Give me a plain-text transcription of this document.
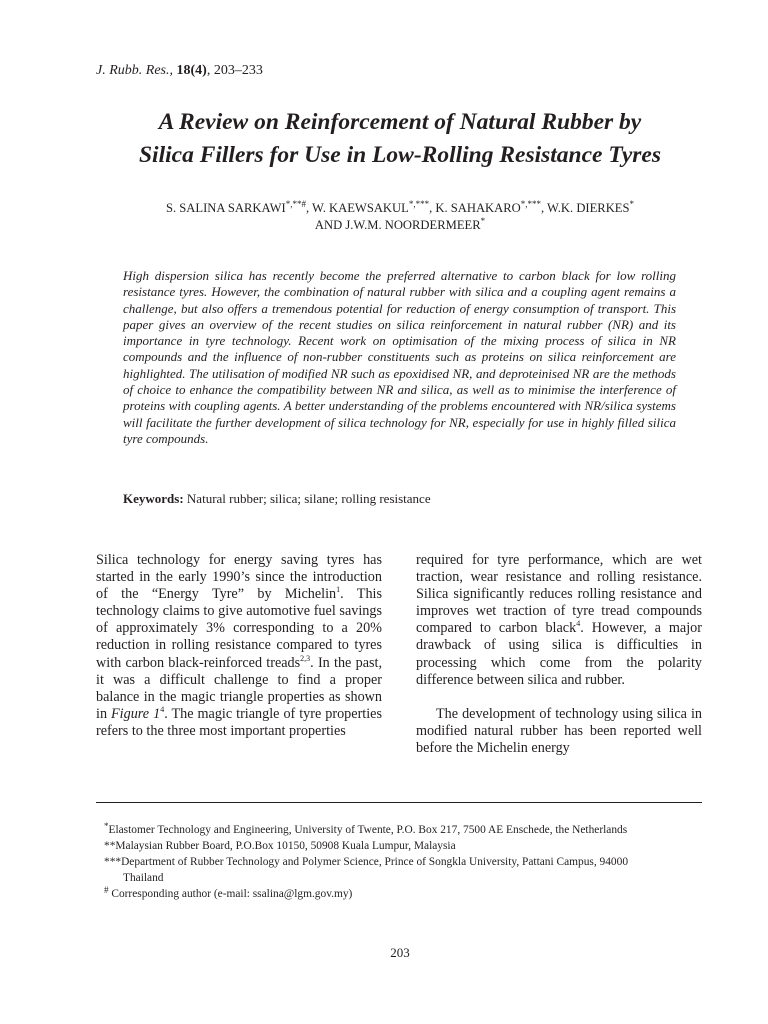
J. Rubb. Res., 18(4), 203–233
A Review on Reinforcement of Natural Rubber by
Silica Fillers for Use in Low-Rolling Resistance Tyres
S. SALINA SARKAWI*,**#, W. KAEWSAKUL*,***, K. SAHAKARO*,***, W.K. DIERKES*
AND J.W.M. NOORDERMEER*

High dispersion silica has recently become the preferred alternative to carbon black for low rolling resistance tyres. However, the combination of natural rubber with silica and a coupling agent remains a challenge, but also offers a tremendous potential for reduction of energy consumption of transport. This paper gives an overview of the recent studies on silica reinforcement in natural rubber (NR) and its importance in tyre technology. Recent work on optimisation of the mixing process of silica in NR compounds and the influence of non-rubber constituents such as proteins on silica reinforcement are highlighted. The utilisation of modified NR such as epoxidised NR, and deproteinised NR are the methods of choice to enhance the compatibility between NR and silica, as well as to minimise the interference of proteins with coupling agents. A better understanding of the problems encountered with NR/silica systems will facilitate the further development of silica technology for NR, especially for use in highly filled silica tyre compounds.

Keywords: Natural rubber; silica; silane; rolling resistance

Silica technology for energy saving tyres has started in the early 1990’s since the introduction of the “Energy Tyre” by Michelin$^1$. This technology claims to give automotive fuel savings of approximately 3% corresponding to a 20% reduction in rolling resistance compared to tyres with carbon black-reinforced treads$^{2,3}$. In the past, it was a difficult challenge to find a proper balance in the magic triangle properties as shown in Figure $1^4$. The magic triangle of tyre properties refers to the three most important properties

required for tyre performance, which are wet traction, wear resistance and rolling resistance. Silica significantly reduces rolling resistance and improves wet traction of tyre tread compounds compared to carbon black$^4$. However, a major drawback of using silica is difficulties in processing which come from the polarity difference between silica and rubber.

The development of technology using silica in modified natural rubber has been reported well before the Michelin energy

*Elastomer Technology and Engineering, University of Twente, P.O. Box 217, 7500 AE Enschede, the Netherlands
**Malaysian Rubber Board, P.O.Box 10150, 50908 Kuala Lumpur, Malaysia
***Department of Rubber Technology and Polymer Science, Prince of Songkla University, Pattani Campus, 94000
Thailand
# Corresponding author (e-mail: ssalina@lgm.gov.my)
203
